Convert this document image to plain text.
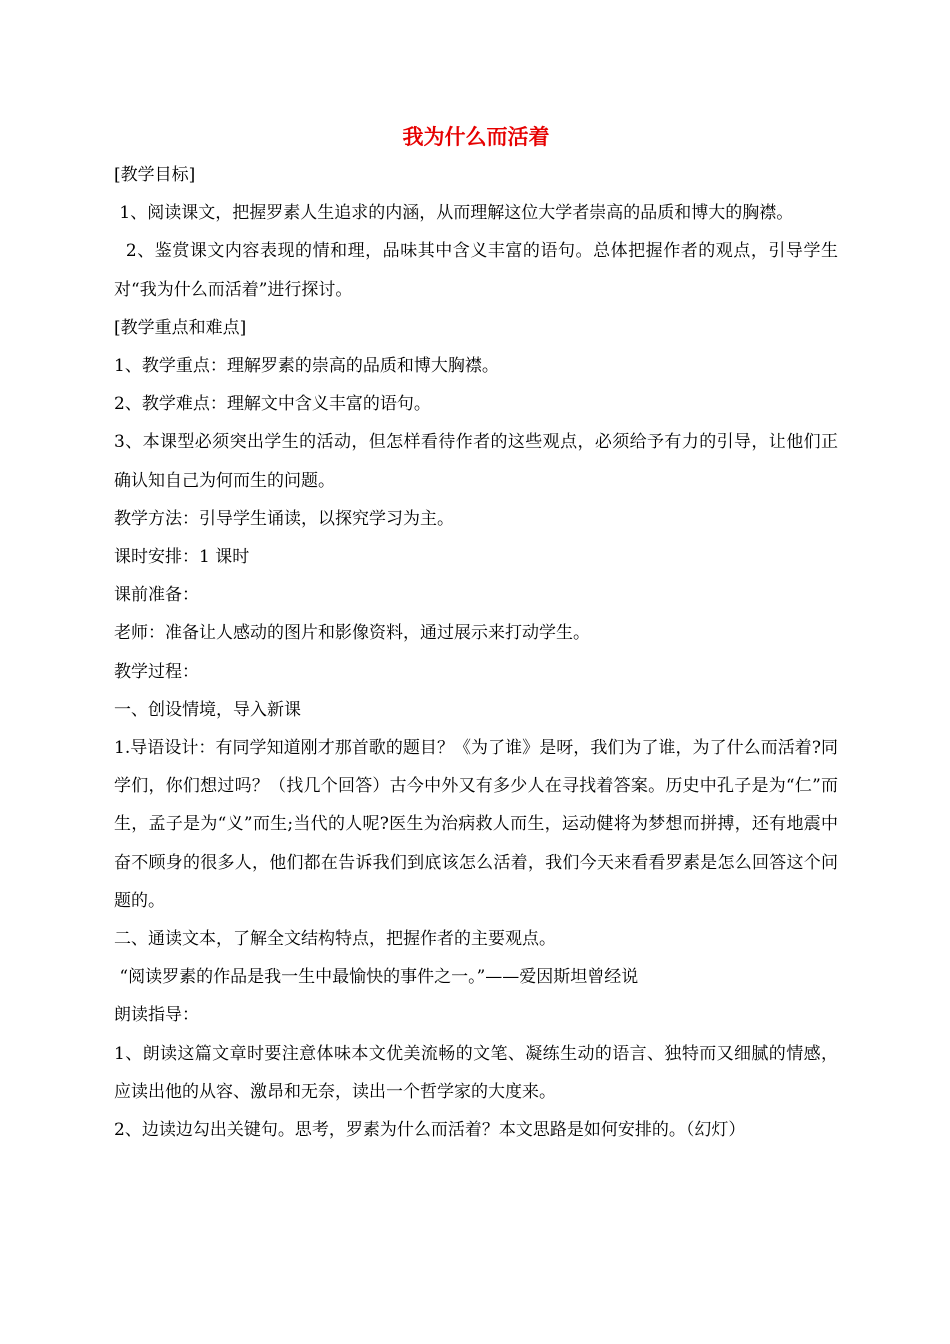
我为什么而活着

[教学目标]

1、阅读课文，把握罗素人生追求的内涵，从而理解这位大学者崇高的品质和博大的胸襟。

2、鉴赏课文内容表现的情和理，品味其中含义丰富的语句。总体把握作者的观点，引导学生对“我为什么而活着”进行探讨。

[教学重点和难点]

1、教学重点：理解罗素的崇高的品质和博大胸襟。

2、教学难点：理解文中含义丰富的语句。

3、本课型必须突出学生的活动，但怎样看待作者的这些观点，必须给予有力的引导，让他们正确认知自己为何而生的问题。

教学方法：引导学生诵读，以探究学习为主。

课时安排：1 课时

课前准备：

老师：准备让人感动的图片和影像资料，通过展示来打动学生。

教学过程：

一、创设情境，导入新课

1.导语设计：有同学知道刚才那首歌的题目？《为了谁》是呀，我们为了谁，为了什么而活着?同学们，你们想过吗？（找几个回答）古今中外又有多少人在寻找着答案。历史中孔子是为“仁”而生，孟子是为“义”而生;当代的人呢?医生为治病救人而生，运动健将为梦想而拼搏，还有地震中奋不顾身的很多人，他们都在告诉我们到底该怎么活着，我们今天来看看罗素是怎么回答这个问题的。

二、通读文本，了解全文结构特点，把握作者的主要观点。

“阅读罗素的作品是我一生中最愉快的事件之一。”——爱因斯坦曾经说

朗读指导：

1、朗读这篇文章时要注意体味本文优美流畅的文笔、凝练生动的语言、独特而又细腻的情感，应读出他的从容、激昂和无奈，读出一个哲学家的大度来。

2、边读边勾出关键句。思考，罗素为什么而活着？本文思路是如何安排的。（幻灯）
